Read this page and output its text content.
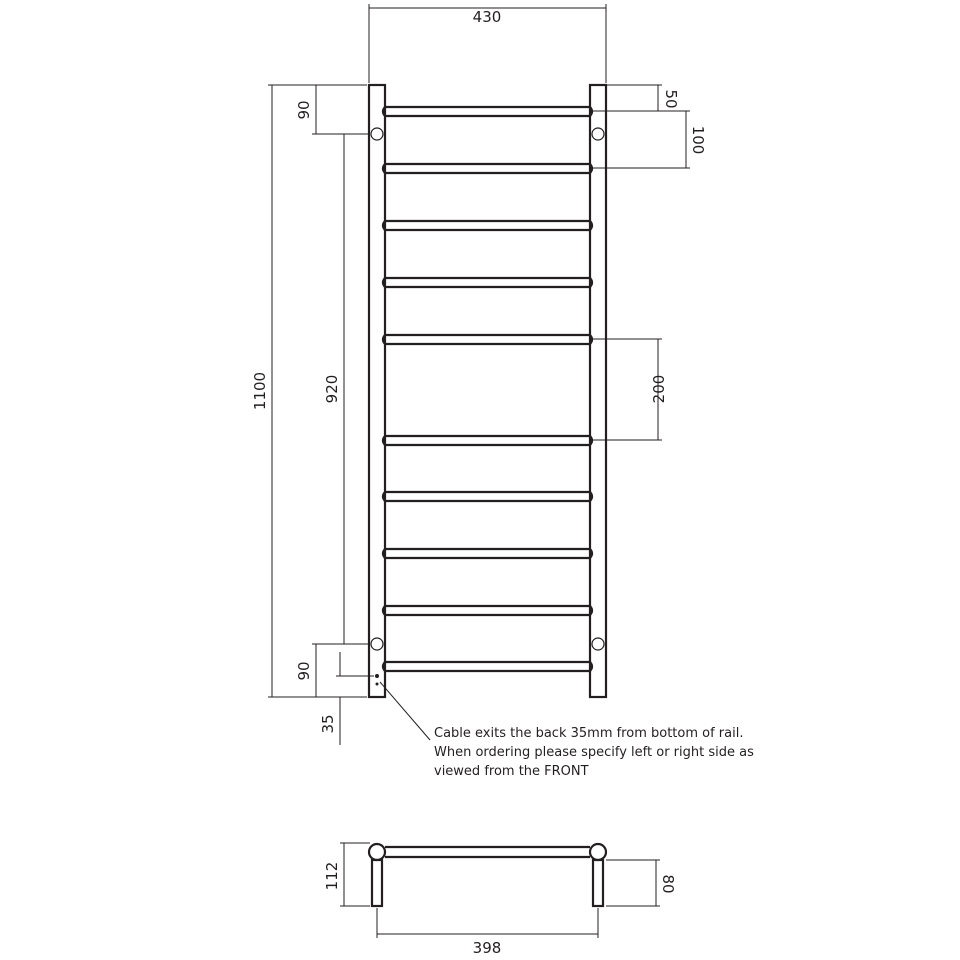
430
1100
90
920
90
35
50
100
200
112	80
398
Cable exits the back 35mm from bottom of rail.
When ordering please specify left or right side as
viewed from the FRONT
